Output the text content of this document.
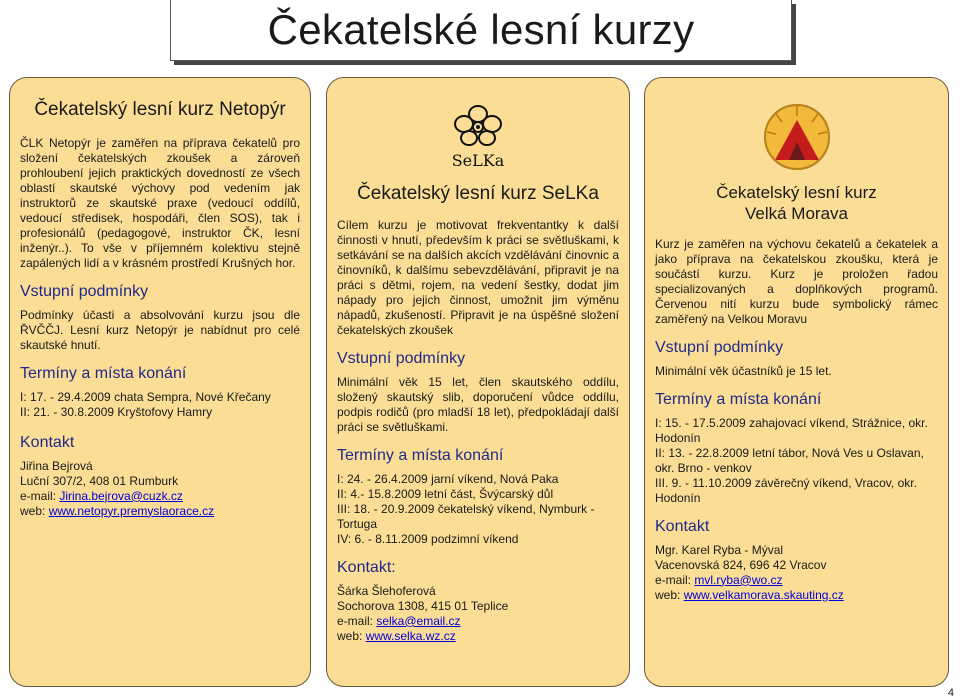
Čekatelské lesní kurzy
Čekatelský lesní kurz Netopýr

ČLK Netopýr je zaměřen na příprava čekatelů pro složení čekatelských zkoušek a zároveň prohloubení jejich praktických dovedností ze všech oblastí skautské výchovy pod vedením jak instruktorů ze skautské praxe (vedoucí oddílů, vedoucí středisek, hospodáři, člen SOS), tak i profesionálů (pedagogové, instruktor ČK, lesní inženýr..). To vše v příjemném kolektivu stejně zapálených lidí a v krásném prostředí Krušných hor.

Vstupní podmínky

Podmínky účasti a absolvování kurzu jsou dle ŘVČČJ. Lesní kurz Netopýr je nabídnut pro celé skautské hnutí.

Termíny a místa konání

I: 17. - 29.4.2009 chata Sempra, Nové Křečany

II: 21. - 30.8.2009 Kryštofovy Hamry

Kontakt

Jiřina Bejrová

Luční 307/2, 408 01 Rumburk

e-mail: Jirina.bejrova@cuzk.cz

web: www.netopyr.premyslaorace.cz

SeLKa
Čekatelský lesní kurz SeLKa

Cílem kurzu je motivovat frekventantky k další činnosti v hnutí, především k práci se světluškami, k setkávání se na dalších akcích vzdělávání činovnic a činovníků, k dalšímu sebevzdělávání, připravit je na práci s dětmi, rojem, na vedení šestky, dodat jim nápady pro jejich činnost, umožnit jim výměnu nápadů, zkušeností. Připravit je na úspěšné složení čekatelských zkoušek

Vstupní podmínky

Minimální věk 15 let, člen skautského oddílu, složený skautský slib, doporučení vůdce oddílu, podpis rodičů (pro mladší 18 let), předpokládají další práci se světluškami.

Termíny a místa konání

I: 24. - 26.4.2009 jarní víkend, Nová Paka

II: 4.- 15.8.2009 letní část, Švýcarský důl

III: 18. - 20.9.2009 čekatelský víkend, Nymburk - Tortuga

IV: 6. - 8.11.2009 podzimní víkend

Kontakt:

Šárka Šlehoferová

Sochorova 1308, 415 01 Teplice

e-mail: selka@email.cz

web: www.selka.wz.cz

Čekatelský lesní kurz
Velká Morava

Kurz je zaměřen na výchovu čekatelů a čekatelek a jako příprava na čekatelskou zkoušku, která je součástí kurzu. Kurz je proložen řadou specializovaných a doplňkových programů. Červenou nití kurzu bude symbolický rámec zaměřený na Velkou Moravu

Vstupní podmínky

Minimální věk účastníků je 15 let.

Termíny a místa konání

I: 15. - 17.5.2009 zahajovací víkend, Strážnice, okr. Hodonín

II: 13. - 22.8.2009 letní tábor, Nová Ves u Oslavan, okr. Brno - venkov

III. 9. - 11.10.2009 závěrečný víkend, Vracov, okr. Hodonín

Kontakt

Mgr. Karel Ryba - Mýval

Vacenovská 824, 696 42 Vracov

e-mail: mvl.ryba@wo.cz

web: www.velkamorava.skauting.cz

4
